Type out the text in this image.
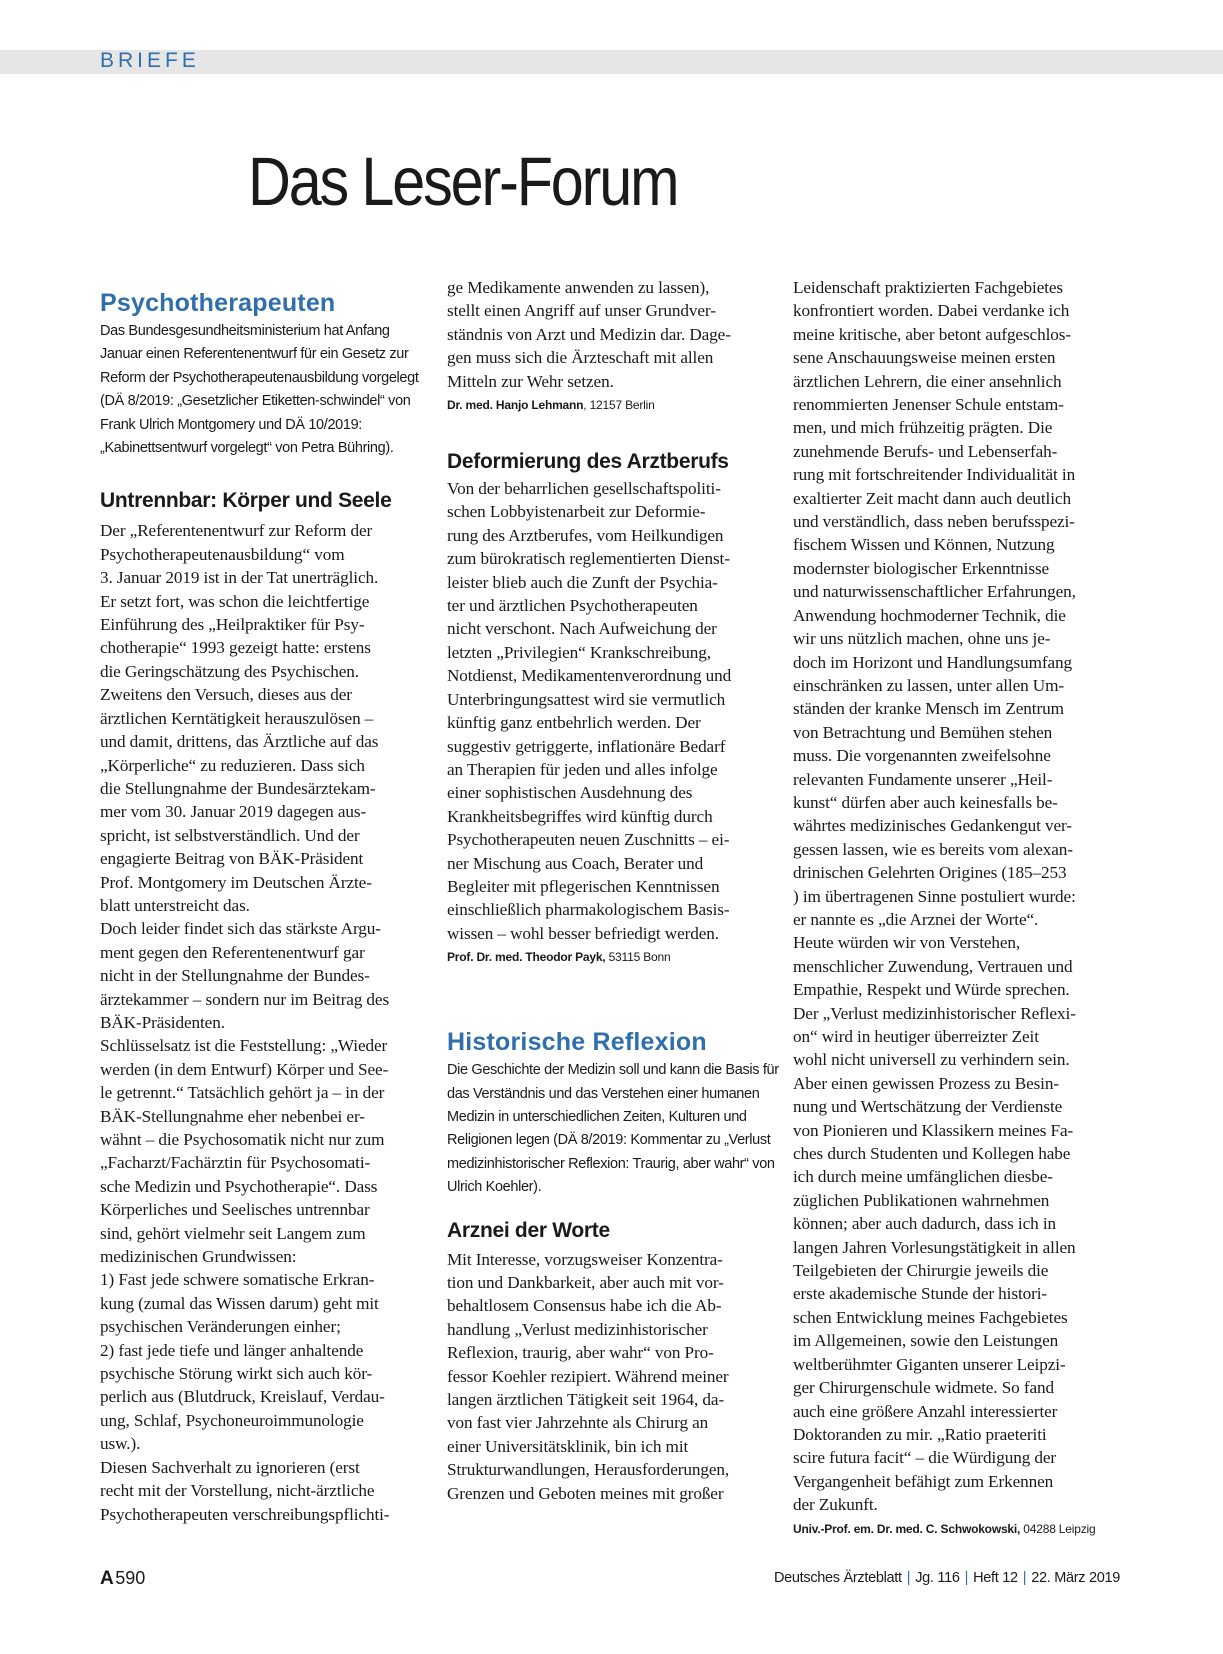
BRIEFE
Das Leser-Forum
Psychotherapeuten

Das Bundesgesundheitsministerium hat Anfang Januar einen Referentenentwurf für ein Gesetz zur Reform der Psychotherapeutenausbildung vorgelegt (DÄ 8/2019: „Gesetzlicher Etiketten-schwindel“ von Frank Ulrich Montgomery und DÄ 10/2019: „Kabinettsentwurf vorgelegt“ von Petra Bühring).

Untrennbar: Körper und Seele
Der „Referentenentwurf zur Reform der
Psychotherapeutenausbildung“ vom
3. Januar 2019 ist in der Tat unerträglich.
Er setzt fort, was schon die leichtfertige
Einführung des „Heilpraktiker für Psy-
chotherapie“ 1993 gezeigt hatte: erstens
die Geringschätzung des Psychischen.
Zweitens den Versuch, dieses aus der
ärztlichen Kerntätigkeit herauszulösen –
und damit, drittens, das Ärztliche auf das
„Körperliche“ zu reduzieren. Dass sich
die Stellungnahme der Bundesärztekam-
mer vom 30. Januar 2019 dagegen aus-
spricht, ist selbstverständlich. Und der
engagierte Beitrag von BÄK-Präsident
Prof. Montgomery im Deutschen Ärzte-
blatt unterstreicht das.
Doch leider findet sich das stärkste Argu-
ment gegen den Referentenentwurf gar
nicht in der Stellungnahme der Bundes-
ärztekammer – sondern nur im Beitrag des
BÄK-Präsidenten.
Schlüsselsatz ist die Feststellung: „Wieder
werden (in dem Entwurf) Körper und See-
le getrennt.“ Tatsächlich gehört ja – in der
BÄK-Stellungnahme eher nebenbei er-
wähnt – die Psychosomatik nicht nur zum
„Facharzt/Fachärztin für Psychosomati-
sche Medizin und Psychotherapie“. Dass
Körperliches und Seelisches untrennbar
sind, gehört vielmehr seit Langem zum
medizinischen Grundwissen:
1) Fast jede schwere somatische Erkran-
kung (zumal das Wissen darum) geht mit
psychischen Veränderungen einher;
2) fast jede tiefe und länger anhaltende
psychische Störung wirkt sich auch kör-
perlich aus (Blutdruck, Kreislauf, Verdau-
ung, Schlaf, Psychoneuroimmunologie
usw.).
Diesen Sachverhalt zu ignorieren (erst
recht mit der Vorstellung, nicht-ärztliche
Psychotherapeuten verschreibungspflichti-
ge Medikamente anwenden zu lassen),
stellt einen Angriff auf unser Grundver-
ständnis von Arzt und Medizin dar. Dage-
gen muss sich die Ärzteschaft mit allen
Mitteln zur Wehr setzen.

Dr. med. Hanjo Lehmann, 12157 Berlin

Deformierung des Arztberufs
Von der beharrlichen gesellschaftspoliti-
schen Lobbyistenarbeit zur Deformie-
rung des Arztberufes, vom Heilkundigen
zum bürokratisch reglementierten Dienst-
leister blieb auch die Zunft der Psychia-
ter und ärztlichen Psychotherapeuten
nicht verschont. Nach Aufweichung der
letzten „Privilegien“ Krankschreibung,
Notdienst, Medikamentenverordnung und
Unterbringungsattest wird sie vermutlich
künftig ganz entbehrlich werden. Der
suggestiv getriggerte, inflationäre Bedarf
an Therapien für jeden und alles infolge
einer sophistischen Ausdehnung des
Krankheitsbegriffes wird künftig durch
Psychotherapeuten neuen Zuschnitts – ei-
ner Mischung aus Coach, Berater und
Begleiter mit pflegerischen Kenntnissen
einschließlich pharmakologischem Basis-
wissen – wohl besser befriedigt werden.

Prof. Dr. med. Theodor Payk, 53115 Bonn

Historische Reflexion

Die Geschichte der Medizin soll und kann die Basis für das Verständnis und das Verstehen einer humanen Medizin in unterschiedlichen Zeiten, Kulturen und Religionen legen (DÄ 8/2019: Kommentar zu „Verlust medizinhistorischer Reflexion: Traurig, aber wahr“ von Ulrich Koehler).

Arznei der Worte
Mit Interesse, vorzugsweiser Konzentra-
tion und Dankbarkeit, aber auch mit vor-
behaltlosem Consensus habe ich die Ab-
handlung „Verlust medizinhistorischer
Reflexion, traurig, aber wahr“ von Pro-
fessor Koehler rezipiert. Während meiner
langen ärztlichen Tätigkeit seit 1964, da-
von fast vier Jahrzehnte als Chirurg an
einer Universitätsklinik, bin ich mit
Strukturwandlungen, Herausforderungen,
Grenzen und Geboten meines mit großer
Leidenschaft praktizierten Fachgebietes
konfrontiert worden. Dabei verdanke ich
meine kritische, aber betont aufgeschlos-
sene Anschauungsweise meinen ersten
ärztlichen Lehrern, die einer ansehnlich
renommierten Jenenser Schule entstam-
men, und mich frühzeitig prägten. Die
zunehmende Berufs- und Lebenserfah-
rung mit fortschreitender Individualität in
exaltierter Zeit macht dann auch deutlich
und verständlich, dass neben berufsspezi-
fischem Wissen und Können, Nutzung
modernster biologischer Erkenntnisse
und naturwissenschaftlicher Erfahrungen,
Anwendung hochmoderner Technik, die
wir uns nützlich machen, ohne uns je-
doch im Horizont und Handlungsumfang
einschränken zu lassen, unter allen Um-
ständen der kranke Mensch im Zentrum
von Betrachtung und Bemühen stehen
muss. Die vorgenannten zweifelsohne
relevanten Fundamente unserer „Heil-
kunst“ dürfen aber auch keinesfalls be-
währtes medizinisches Gedankengut ver-
gessen lassen, wie es bereits vom alexan-
drinischen Gelehrten Origines (185–253
) im übertragenen Sinne postuliert wurde:
er nannte es „die Arznei der Worte“.
Heute würden wir von Verstehen,
menschlicher Zuwendung, Vertrauen und
Empathie, Respekt und Würde sprechen.
Der „Verlust medizinhistorischer Reflexi-
on“ wird in heutiger überreizter Zeit
wohl nicht universell zu verhindern sein.
Aber einen gewissen Prozess zu Besin-
nung und Wertschätzung der Verdienste
von Pionieren und Klassikern meines Fa-
ches durch Studenten und Kollegen habe
ich durch meine umfänglichen diesbe-
züglichen Publikationen wahrnehmen
können; aber auch dadurch, dass ich in
langen Jahren Vorlesungstätigkeit in allen
Teilgebieten der Chirurgie jeweils die
erste akademische Stunde der histori-
schen Entwicklung meines Fachgebietes
im Allgemeinen, sowie den Leistungen
weltberühmter Giganten unserer Leipzi-
ger Chirurgenschule widmete. So fand
auch eine größere Anzahl interessierter
Doktoranden zu mir. „Ratio praeteriti
scire futura facit“ – die Würdigung der
Vergangenheit befähigt zum Erkennen
der Zukunft.

Univ.-Prof. em. Dr. med. C. Schwokowski, 04288 Leipzig

A 590	Deutsches Ärzteblatt | Jg. 116 | Heft 12 | 22. März 2019
